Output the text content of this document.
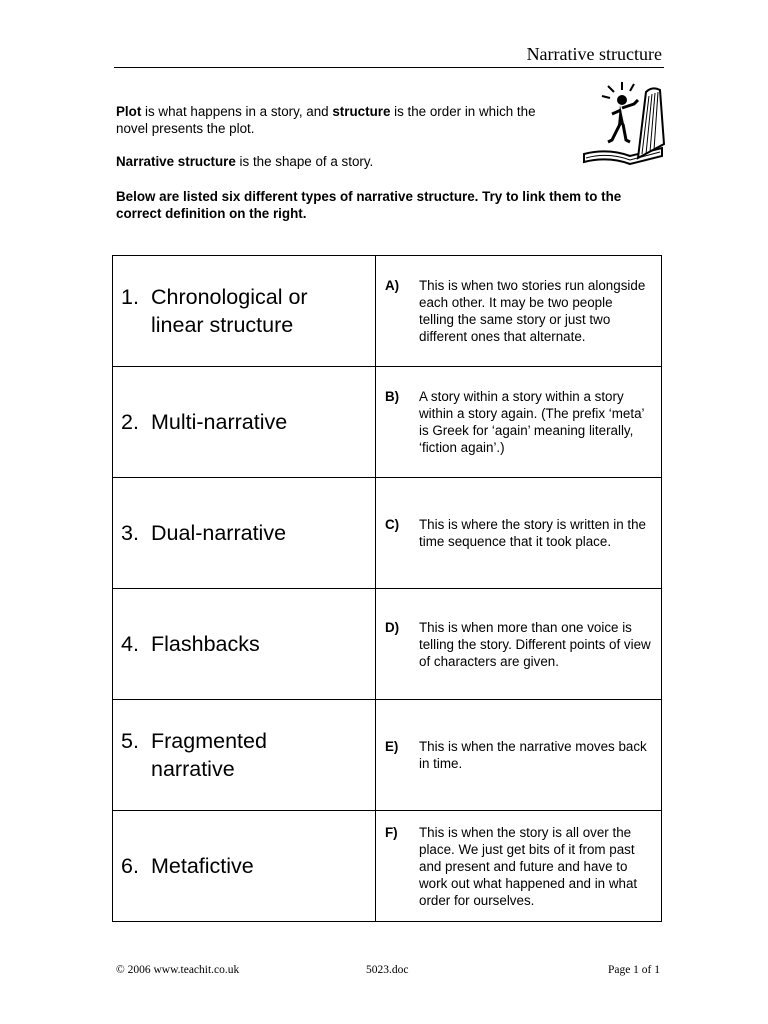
Narrative structure
Plot is what happens in a story, and structure is the order in which the novel presents the plot.
Narrative structure is the shape of a story.
Below are listed six different types of narrative structure. Try to link them to the correct definition on the right.
1. Chronological or linear structure	A) This is when two stories run alongside each other. It may be two people telling the same story or just two different ones that alternate.

2. Multi-narrative	B) A story within a story within a story within a story again. (The prefix ‘meta’ is Greek for ‘again’ meaning literally, ‘fiction again’.)

3. Dual-narrative	C) This is where the story is written in the time sequence that it took place.

4. Flashbacks	D) This is when more than one voice is telling the story. Different points of view of characters are given.

5. Fragmented narrative	E) This is when the narrative moves back in time.

6. Metafictive	F) This is when the story is all over the place. We just get bits of it from past and present and future and have to work out what happened and in what order for ourselves.
© 2006 www.teachit.co.uk	5023.doc	Page 1 of 1
